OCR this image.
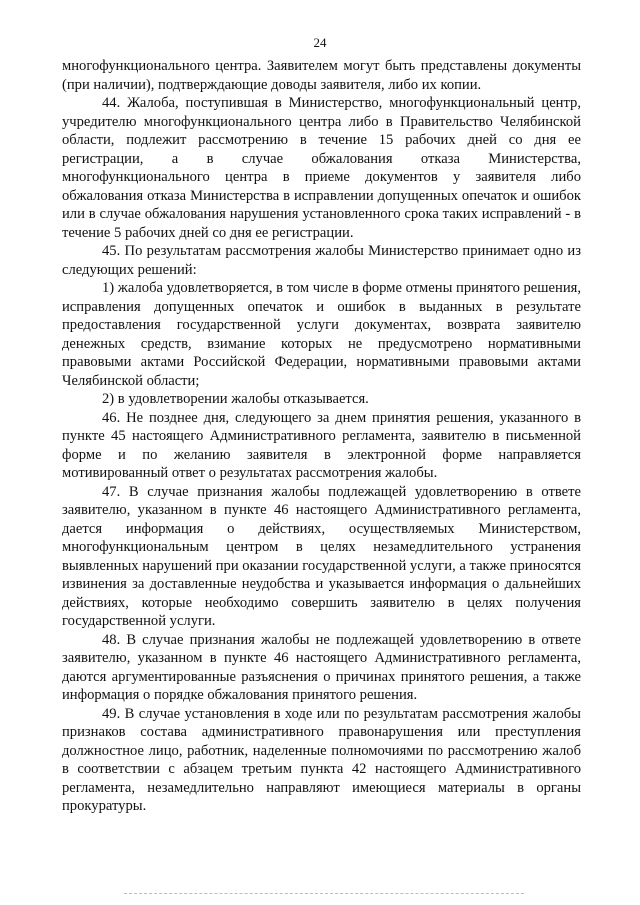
24

многофункционального центра. Заявителем могут быть представлены документы (при наличии), подтверждающие доводы заявителя, либо их копии.

44. Жалоба, поступившая в Министерство, многофункциональный центр, учредителю многофункционального центра либо в Правительство Челябинской области, подлежит рассмотрению в течение 15 рабочих дней со дня ее регистрации, а в случае обжалования отказа Министерства, многофункционального центра в приеме документов у заявителя либо обжалования отказа Министерства в исправлении допущенных опечаток и ошибок или в случае обжалования нарушения установленного срока таких исправлений - в течение 5 рабочих дней со дня ее регистрации.

45. По результатам рассмотрения жалобы Министерство принимает одно из следующих решений:

1) жалоба удовлетворяется, в том числе в форме отмены принятого решения, исправления допущенных опечаток и ошибок в выданных в результате предоставления государственной услуги документах, возврата заявителю денежных средств, взимание которых не предусмотрено нормативными правовыми актами Российской Федерации, нормативными правовыми актами Челябинской области;

2) в удовлетворении жалобы отказывается.

46. Не позднее дня, следующего за днем принятия решения, указанного в пункте 45 настоящего Административного регламента, заявителю в письменной форме и по желанию заявителя в электронной форме направляется мотивированный ответ о результатах рассмотрения жалобы.

47. В случае признания жалобы подлежащей удовлетворению в ответе заявителю, указанном в пункте 46 настоящего Административного регламента, дается информация о действиях, осуществляемых Министерством, многофункциональным центром в целях незамедлительного устранения выявленных нарушений при оказании государственной услуги, а также приносятся извинения за доставленные неудобства и указывается информация о дальнейших действиях, которые необходимо совершить заявителю в целях получения государственной услуги.

48. В случае признания жалобы не подлежащей удовлетворению в ответе заявителю, указанном в пункте 46 настоящего Административного регламента, даются аргументированные разъяснения о причинах принятого решения, а также информация о порядке обжалования принятого решения.

49. В случае установления в ходе или по результатам рассмотрения жалобы признаков состава административного правонарушения или преступления должностное лицо, работник, наделенные полномочиями по рассмотрению жалоб в соответствии с абзацем третьим пункта 42 настоящего Административного регламента, незамедлительно направляют имеющиеся материалы в органы прокуратуры.
